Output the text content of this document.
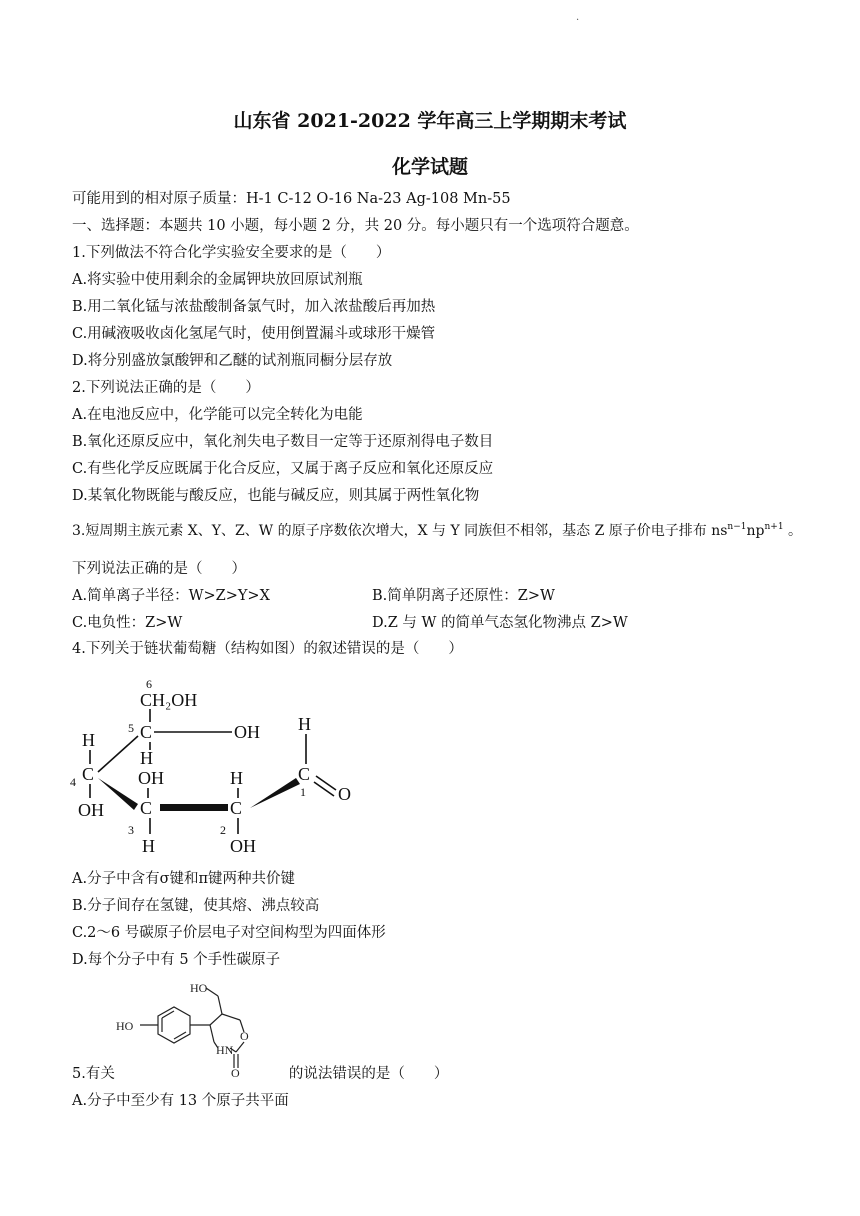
.
山东省 2021-2022 学年高三上学期期末考试
化学试题
可能用到的相对原子质量：H-1 C-12 O-16 Na-23 Ag-108 Mn-55
一、选择题：本题共 10 小题，每小题 2 分，共 20 分。每小题只有一个选项符合题意。
1.下列做法不符合化学实验安全要求的是（　　）
A.将实验中使用剩余的金属钾块放回原试剂瓶
B.用二氧化锰与浓盐酸制备氯气时，加入浓盐酸后再加热
C.用碱液吸收卤化氢尾气时，使用倒置漏斗或球形干燥管
D.将分别盛放氯酸钾和乙醚的试剂瓶同橱分层存放
2.下列说法正确的是（　　）
A.在电池反应中，化学能可以完全转化为电能
B.氧化还原反应中，氧化剂失电子数目一定等于还原剂得电子数目
C.有些化学反应既属于化合反应，又属于离子反应和氧化还原反应
D.某氧化物既能与酸反应，也能与碱反应，则其属于两性氧化物
3.短周期主族元素 X、Y、Z、W 的原子序数依次增大，X 与 Y 同族但不相邻，基态 Z 原子价电子排布 $ns^{n-1}np^{n+1}$ 。
下列说法正确的是（　　）
A.简单离子半径：W>Z>Y>X	B.简单阴离子还原性：Z>W
C.电负性：Z>W	D.Z 与 W 的简单气态氢化物沸点 Z>W
4.下列关于链状葡萄糖（结构如图）的叙述错误的是（　　）
6
CH₂OH
5 C	OH
H
H
4 C
OH
OH
C
3
H
H
C
2
OH
H
C
1 O
A.分子中含有σ键和π键两种共价键
B.分子间存在氢键，使其熔、沸点较高
C.2～6 号碳原子价层电子对空间构型为四面体形
D.每个分子中有 5 个手性碳原子
HO
HO
O
HN
O
5.有关	的说法错误的是（　　）
A.分子中至少有 13 个原子共平面
